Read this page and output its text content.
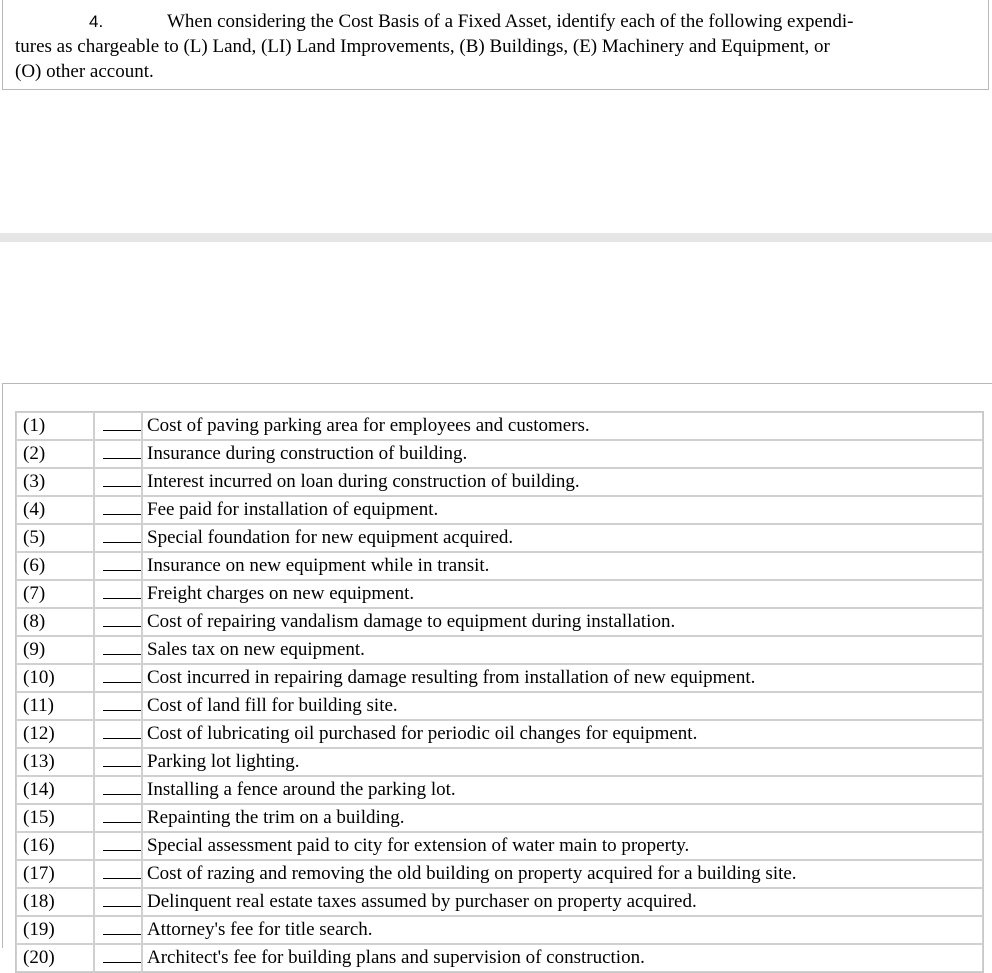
4.	When considering the Cost Basis of a Fixed Asset, identify each of the following expendi-
tures as chargeable to (L) Land, (LI) Land Improvements, (B) Buildings, (E) Machinery and Equipment, or
(O) other account.
(1)		Cost of paving parking area for employees and customers.
(2)		Insurance during construction of building.
(3)		Interest incurred on loan during construction of building.
(4)		Fee paid for installation of equipment.
(5)		Special foundation for new equipment acquired.
(6)		Insurance on new equipment while in transit.
(7)		Freight charges on new equipment.
(8)		Cost of repairing vandalism damage to equipment during installation.
(9)		Sales tax on new equipment.
(10)		Cost incurred in repairing damage resulting from installation of new equipment.
(11)		Cost of land fill for building site.
(12)		Cost of lubricating oil purchased for periodic oil changes for equipment.
(13)		Parking lot lighting.
(14)		Installing a fence around the parking lot.
(15)		Repainting the trim on a building.
(16)		Special assessment paid to city for extension of water main to property.
(17)		Cost of razing and removing the old building on property acquired for a building site.
(18)		Delinquent real estate taxes assumed by purchaser on property acquired.
(19)		Attorney's fee for title search.
(20)		Architect's fee for building plans and supervision of construction.
